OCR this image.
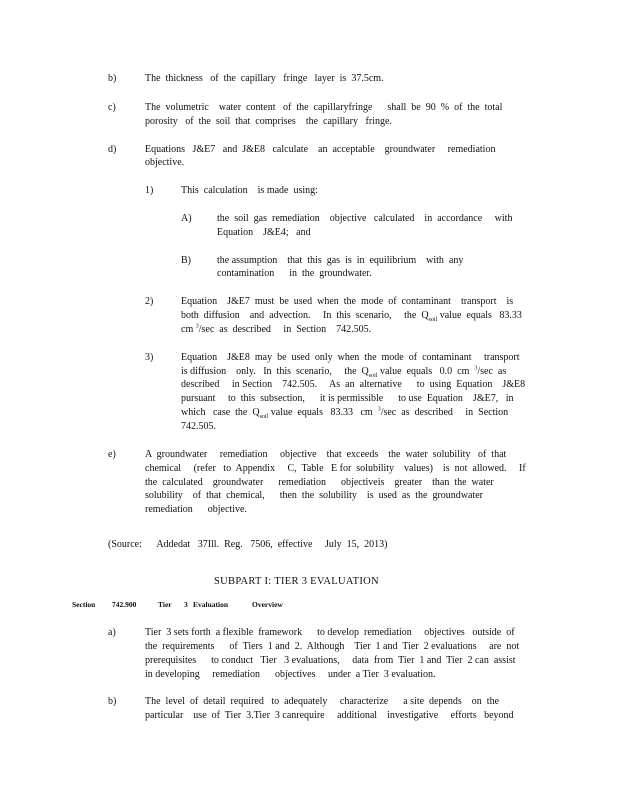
b)	The  thickness   of  the  capillary   fringe   layer  is  37.5cm.
c)	The  volumetric    water  content   of  the  capillaryfringe      shall  be  90  %  of  the  total
porosity   of  the  soil  that  comprises    the  capillary   fringe.
d)	Equations   J&E7   and  J&E8   calculate    an  acceptable    groundwater     remediation
objective.
1)	This  calculation    is made  using:
A)	the  soil  gas  remediation    objective   calculated    in  accordance     with
Equation    J&E4;   and
B)	the assumption    that  this  gas  is  in  equilibrium    with  any
contamination      in  the  groundwater.
2)	Equation    J&E7  must  be  used  when  the  mode  of  contaminant    transport    is
both  diffusion    and  advection.     In  this  scenario,     the  $Q_{soil}$ value  equals   83.33
cm $^3$/sec  as  described     in  Section    742.505.
3)	Equation    J&E8  may  be  used  only  when  the  mode  of  contaminant     transport
is diffusion    only.   In  this  scenario,     the  $Q_{soil}$ value  equals   0.0  cm  $^3$/sec  as
described     in Section    742.505.     As  an  alternative      to  using  Equation    J&E8
pursuant     to  this  subsection,      it is permissible      to use  Equation    J&E7,   in
which   case  the  $Q_{soil}$ value  equals   83.33   cm  $^3$/sec  as  described     in  Section
742.505.
e)	A  groundwater     remediation     objective    that  exceeds    the  water  solubility   of  that
chemical     (refer   to  Appendix     C,  Table   E for  solubility    values)    is  not  allowed.     If
the  calculated    groundwater      remediation      objectiveis    greater    than  the  water
solubility    of  that  chemical,      then  the  solubility    is  used  as  the  groundwater
remediation      objective.
(Source:      Addedat   37Ill.  Reg.   7506,  effective     July  15,  2013)
SUBPART I: TIER 3 EVALUATION
Section 742.900	Tier 3 Evaluation	Overview
a)	Tier  3 sets forth  a flexible  framework      to develop  remediation     objectives   outside  of
the  requirements      of  Tiers  1 and  2.  Although    Tier  1 and  Tier  2 evaluations     are  not
prerequisites      to conduct   Tier   3 evaluations,     data  from  Tier  1 and  Tier  2 can  assist
in developing     remediation      objectives     under  a Tier  3 evaluation.
b)	The  level  of  detail  required   to  adequately     characterize      a site  depends    on  the
particular    use  of  Tier  3.Tier  3 canrequire     additional    investigative     efforts   beyond
